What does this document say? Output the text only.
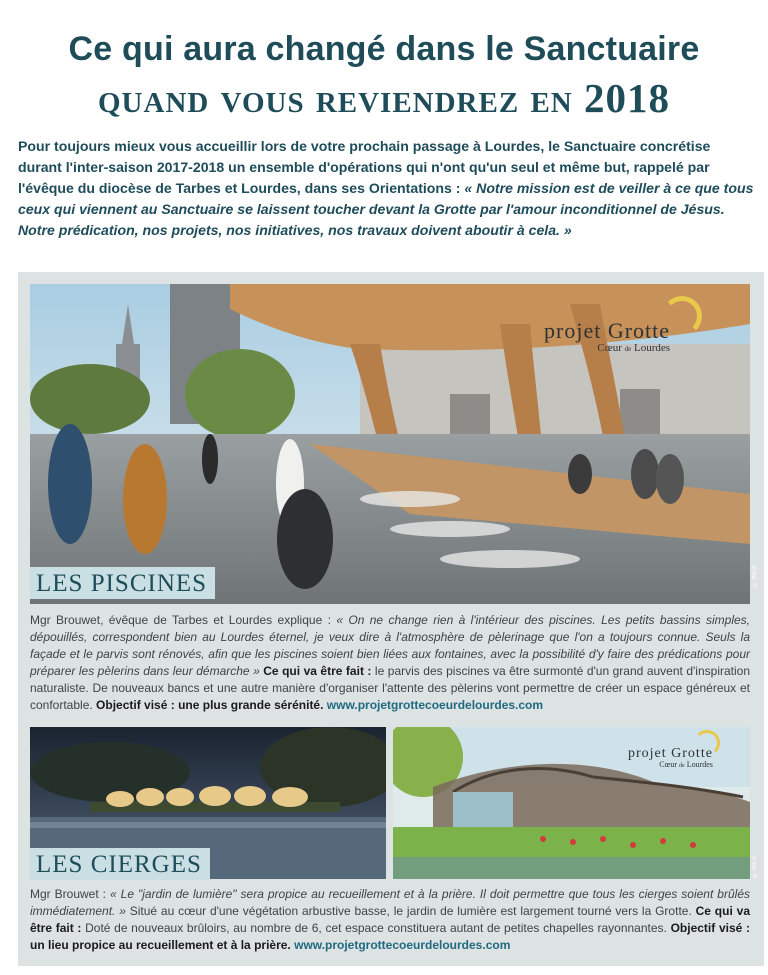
Ce qui aura changé dans le Sanctuaire
quand vous reviendrez en 2018

Pour toujours mieux vous accueillir lors de votre prochain passage à Lourdes, le Sanctuaire concrétise durant l'inter-saison 2017-2018 un ensemble d'opérations qui n'ont qu'un seul et même but, rappelé par l'évêque du diocèse de Tarbes et Lourdes, dans ses Orientations : « Notre mission est de veiller à ce que tous ceux qui viennent au Sanctuaire se laissent toucher devant la Grotte par l'amour inconditionnel de Jésus. Notre prédication, nos projets, nos initiatives, nos travaux doivent aboutir à cela. »

projet Grotte
Cœur de Lourdes
© INCA
LES PISCINES

Mgr Brouwet, évêque de Tarbes et Lourdes explique : « On ne change rien à l'intérieur des piscines. Les petits bassins simples, dépouillés, correspondent bien au Lourdes éternel, je veux dire à l'atmosphère de pèlerinage que l'on a toujours connue. Seuls la façade et le parvis sont rénovés, afin que les piscines soient bien liées aux fontaines, avec la possibilité d'y faire des prédications pour préparer les pèlerins dans leur démarche » Ce qui va être fait : le parvis des piscines va être surmonté d'un grand auvent d'inspiration naturaliste. De nouveaux bancs et une autre manière d'organiser l'attente des pèlerins vont permettre de créer un espace généreux et confortable. Objectif visé : une plus grande sérénité. www.projetgrottecoeurdelourdes.com

LES CIERGES
projet Grotte
Cœur de Lourdes
© INCA

Mgr Brouwet : « Le "jardin de lumière" sera propice au recueillement et à la prière. Il doit permettre que tous les cierges soient brûlés immédiatement. » Situé au cœur d'une végétation arbustive basse, le jardin de lumière est largement tourné vers la Grotte. Ce qui va être fait : Doté de nouveaux brûloirs, au nombre de 6, cet espace constituera autant de petites chapelles rayonnantes. Objectif visé : un lieu propice au recueillement et à la prière. www.projetgrottecoeurdelourdes.com
